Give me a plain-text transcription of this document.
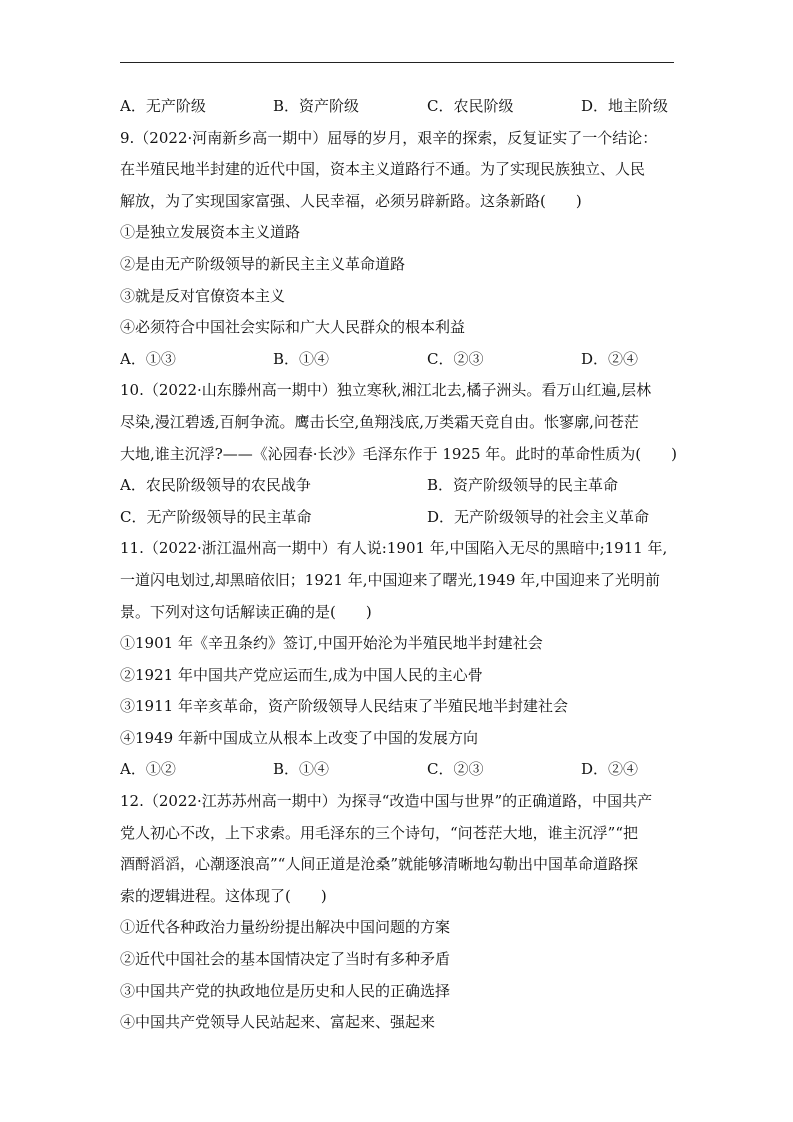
A．无产阶级	B．资产阶级	C．农民阶级	D．地主阶级
9.（2022·河南新乡高一期中）屈辱的岁月，艰辛的探索，反复证实了一个结论：
在半殖民地半封建的近代中国，资本主义道路行不通。为了实现民族独立、人民
解放，为了实现国家富强、人民幸福，必须另辟新路。这条新路(　　)
①是独立发展资本主义道路
②是由无产阶级领导的新民主主义革命道路
③就是反对官僚资本主义
④必须符合中国社会实际和广大人民群众的根本利益
A．①③	B．①④	C．②③	D．②④
10.（2022·山东滕州高一期中）独立寒秋,湘江北去,橘子洲头。看万山红遍,层林
尽染,漫江碧透,百舸争流。鹰击长空,鱼翔浅底,万类霜天竞自由。怅寥廓,问苍茫
大地,谁主沉浮?——《沁园春·长沙》毛泽东作于 1925 年。此时的革命性质为(　　)
A．农民阶级领导的农民战争	B．资产阶级领导的民主革命
C．无产阶级领导的民主革命	D．无产阶级领导的社会主义革命
11.（2022·浙江温州高一期中）有人说:1901 年,中国陷入无尽的黑暗中;1911 年,
一道闪电划过,却黑暗依旧；1921 年,中国迎来了曙光,1949 年,中国迎来了光明前
景。下列对这句话解读正确的是(　　)
①1901 年《辛丑条约》签订,中国开始沦为半殖民地半封建社会
②1921 年中国共产党应运而生,成为中国人民的主心骨
③1911 年辛亥革命，资产阶级领导人民结束了半殖民地半封建社会
④1949 年新中国成立从根本上改变了中国的发展方向
A．①②	B．①④	C．②③	D．②④
12.（2022·江苏苏州高一期中）为探寻“改造中国与世界”的正确道路，中国共产
党人初心不改，上下求索。用毛泽东的三个诗句，“问苍茫大地，谁主沉浮”“把
酒酹滔滔，心潮逐浪高”“人间正道是沧桑”就能够清晰地勾勒出中国革命道路探
索的逻辑进程。这体现了(　　)
①近代各种政治力量纷纷提出解决中国问题的方案
②近代中国社会的基本国情决定了当时有多种矛盾
③中国共产党的执政地位是历史和人民的正确选择
④中国共产党领导人民站起来、富起来、强起来
